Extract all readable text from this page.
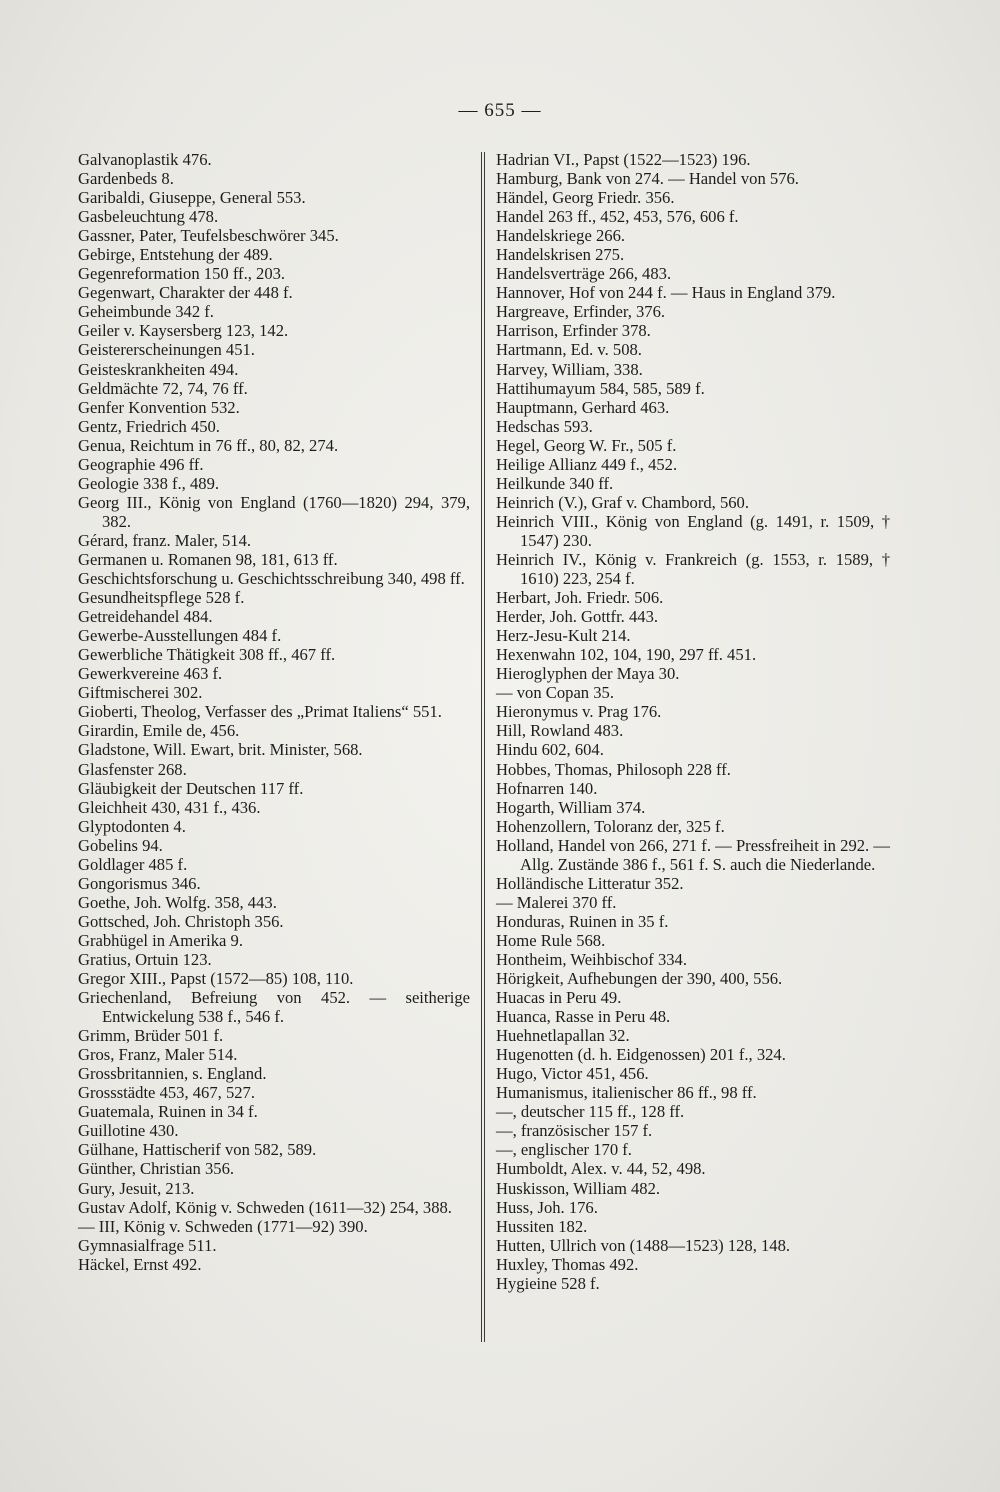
— 655 —

Galvanoplastik 476.

Gardenbeds 8.

Garibaldi, Giuseppe, General 553.

Gasbeleuchtung 478.

Gassner, Pater, Teufelsbeschwörer 345.

Gebirge, Entstehung der 489.

Gegenreformation 150 ff., 203.

Gegenwart, Charakter der 448 f.

Geheimbunde 342 f.

Geiler v. Kaysersberg 123, 142.

Geistererscheinungen 451.

Geisteskrankheiten 494.

Geldmächte 72, 74, 76 ff.

Genfer Konvention 532.

Gentz, Friedrich 450.

Genua, Reichtum in 76 ff., 80, 82, 274.

Geographie 496 ff.

Geologie 338 f., 489.

Georg III., König von England (1760—1820) 294, 379, 382.

Gérard, franz. Maler, 514.

Germanen u. Romanen 98, 181, 613 ff.

Geschichtsforschung u. Geschichtsschreibung 340, 498 ff.

Gesundheitspflege 528 f.

Getreidehandel 484.

Gewerbe-Ausstellungen 484 f.

Gewerbliche Thätigkeit 308 ff., 467 ff.

Gewerkvereine 463 f.

Giftmischerei 302.

Gioberti, Theolog, Verfasser des „Primat Italiens“ 551.

Girardin, Emile de, 456.

Gladstone, Will. Ewart, brit. Minister, 568.

Glasfenster 268.

Gläubigkeit der Deutschen 117 ff.

Gleichheit 430, 431 f., 436.

Glyptodonten 4.

Gobelins 94.

Goldlager 485 f.

Gongorismus 346.

Goethe, Joh. Wolfg. 358, 443.

Gottsched, Joh. Christoph 356.

Grabhügel in Amerika 9.

Gratius, Ortuin 123.

Gregor XIII., Papst (1572—85) 108, 110.

Griechenland, Befreiung von 452. — seitherige Entwickelung 538 f., 546 f.

Grimm, Brüder 501 f.

Gros, Franz, Maler 514.

Grossbritannien, s. England.

Grossstädte 453, 467, 527.

Guatemala, Ruinen in 34 f.

Guillotine 430.

Gülhane, Hattischerif von 582, 589.

Günther, Christian 356.

Gury, Jesuit, 213.

Gustav Adolf, König v. Schweden (1611—32) 254, 388.

— III, König v. Schweden (1771—92) 390.

Gymnasialfrage 511.

Häckel, Ernst 492.

Hadrian VI., Papst (1522—1523) 196.

Hamburg, Bank von 274. — Handel von 576.

Händel, Georg Friedr. 356.

Handel 263 ff., 452, 453, 576, 606 f.

Handelskriege 266.

Handelskrisen 275.

Handelsverträge 266, 483.

Hannover, Hof von 244 f. — Haus in England 379.

Hargreave, Erfinder, 376.

Harrison, Erfinder 378.

Hartmann, Ed. v. 508.

Harvey, William, 338.

Hattihumayum 584, 585, 589 f.

Hauptmann, Gerhard 463.

Hedschas 593.

Hegel, Georg W. Fr., 505 f.

Heilige Allianz 449 f., 452.

Heilkunde 340 ff.

Heinrich (V.), Graf v. Chambord, 560.

Heinrich VIII., König von England (g. 1491, r. 1509, † 1547) 230.

Heinrich IV., König v. Frankreich (g. 1553, r. 1589, † 1610) 223, 254 f.

Herbart, Joh. Friedr. 506.

Herder, Joh. Gottfr. 443.

Herz-Jesu-Kult 214.

Hexenwahn 102, 104, 190, 297 ff. 451.

Hieroglyphen der Maya 30.

— von Copan 35.

Hieronymus v. Prag 176.

Hill, Rowland 483.

Hindu 602, 604.

Hobbes, Thomas, Philosoph 228 ff.

Hofnarren 140.

Hogarth, William 374.

Hohenzollern, Toloranz der, 325 f.

Holland, Handel von 266, 271 f. — Pressfreiheit in 292. — Allg. Zustände 386 f., 561 f. S. auch die Niederlande.

Holländische Litteratur 352.

— Malerei 370 ff.

Honduras, Ruinen in 35 f.

Home Rule 568.

Hontheim, Weihbischof 334.

Hörigkeit, Aufhebungen der 390, 400, 556.

Huacas in Peru 49.

Huanca, Rasse in Peru 48.

Huehnetlapallan 32.

Hugenotten (d. h. Eidgenossen) 201 f., 324.

Hugo, Victor 451, 456.

Humanismus, italienischer 86 ff., 98 ff.

—, deutscher 115 ff., 128 ff.

—, französischer 157 f.

—, englischer 170 f.

Humboldt, Alex. v. 44, 52, 498.

Huskisson, William 482.

Huss, Joh. 176.

Hussiten 182.

Hutten, Ullrich von (1488—1523) 128, 148.

Huxley, Thomas 492.

Hygieine 528 f.
